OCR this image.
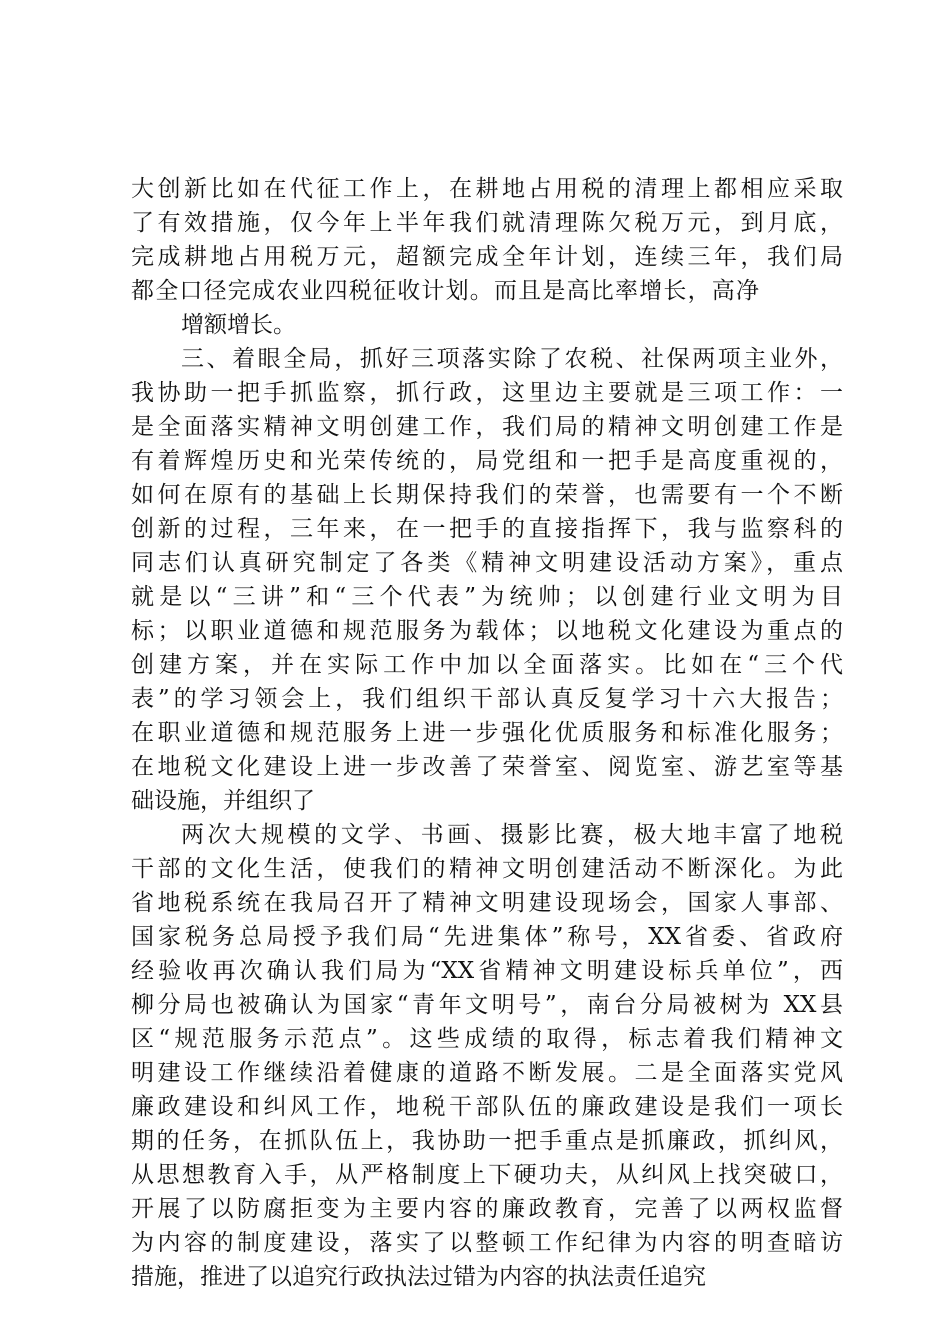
大创新比如在代征工作上，在耕地占用税的清理上都相应采取
了有效措施，仅今年上半年我们就清理陈欠税万元，到月底，
完成耕地占用税万元，超额完成全年计划，连续三年，我们局
都全口径完成农业四税征收计划。而且是高比率增长，高净
增额增长。
三、着眼全局，抓好三项落实除了农税、社保两项主业外，
我协助一把手抓监察，抓行政，这里边主要就是三项工作：一
是全面落实精神文明创建工作，我们局的精神文明创建工作是
有着辉煌历史和光荣传统的，局党组和一把手是高度重视的，
如何在原有的基础上长期保持我们的荣誉，也需要有一个不断
创新的过程，三年来，在一把手的直接指挥下，我与监察科的
同志们认真研究制定了各类《精神文明建设活动方案》，重点
就是以“三讲”和“三个代表”为统帅；以创建行业文明为目
标；以职业道德和规范服务为载体；以地税文化建设为重点的
创建方案，并在实际工作中加以全面落实。比如在“三个代
表”的学习领会上，我们组织干部认真反复学习十六大报告；
在职业道德和规范服务上进一步强化优质服务和标准化服务；
在地税文化建设上进一步改善了荣誉室、阅览室、游艺室等基
础设施，并组织了
两次大规模的文学、书画、摄影比赛，极大地丰富了地税
干部的文化生活，使我们的精神文明创建活动不断深化。为此
省地税系统在我局召开了精神文明建设现场会，国家人事部、
国家税务总局授予我们局“先进集体”称号，XX省委、省政府
经验收再次确认我们局为“XX省精神文明建设标兵单位”，西
柳分局也被确认为国家“青年文明号”，南台分局被树为 XX县
区“规范服务示范点”。这些成绩的取得，标志着我们精神文
明建设工作继续沿着健康的道路不断发展。二是全面落实党风
廉政建设和纠风工作，地税干部队伍的廉政建设是我们一项长
期的任务，在抓队伍上，我协助一把手重点是抓廉政，抓纠风，
从思想教育入手，从严格制度上下硬功夫，从纠风上找突破口，
开展了以防腐拒变为主要内容的廉政教育，完善了以两权监督
为内容的制度建设，落实了以整顿工作纪律为内容的明查暗访
措施，推进了以追究行政执法过错为内容的执法责任追究
